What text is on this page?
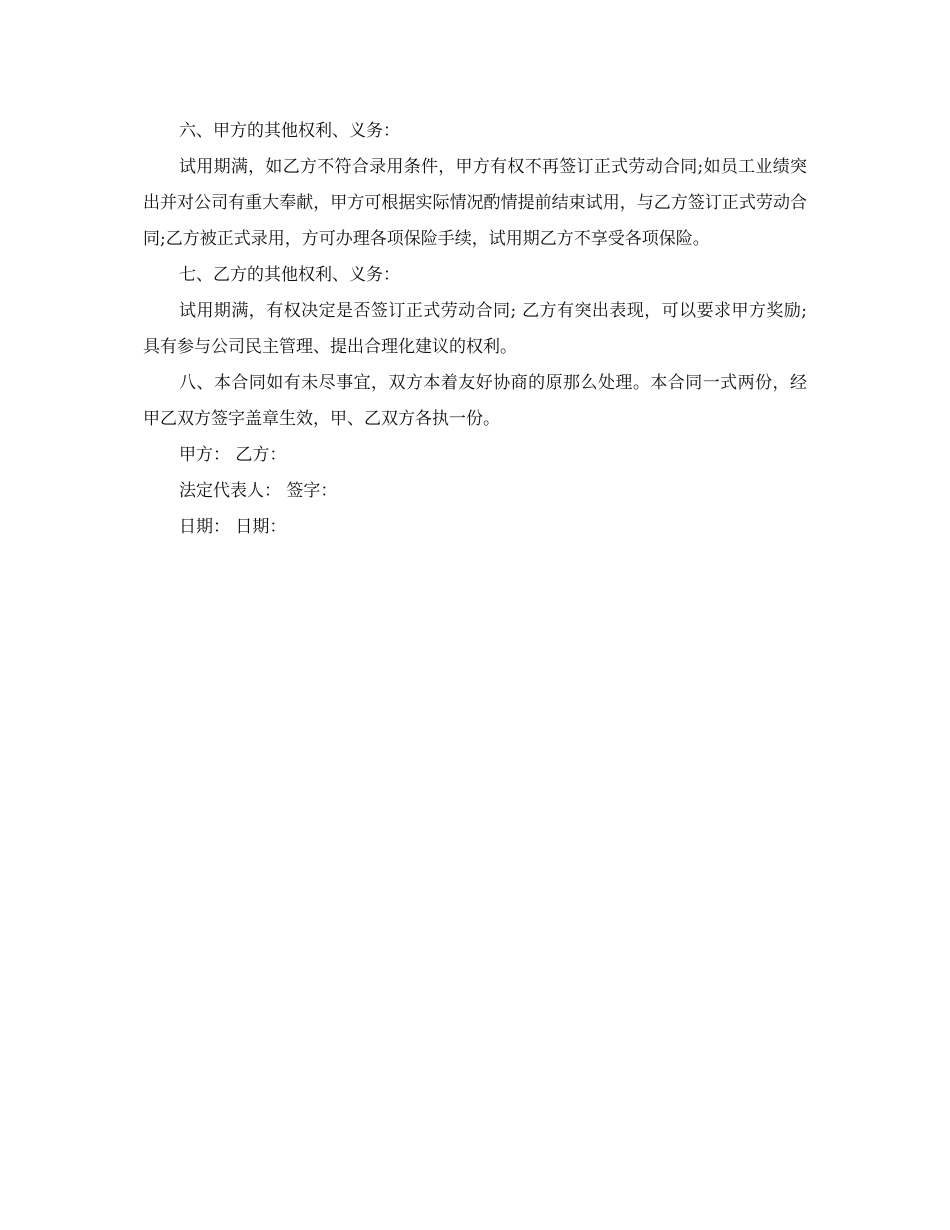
六、甲方的其他权利、义务：

试用期满，如乙方不符合录用条件，甲方有权不再签订正式劳动合同;如员工业绩突出并对公司有重大奉献，甲方可根据实际情况酌情提前结束试用，与乙方签订正式劳动合同;乙方被正式录用，方可办理各项保险手续，试用期乙方不享受各项保险。

七、乙方的其他权利、义务：

试用期满，有权决定是否签订正式劳动合同; 乙方有突出表现，可以要求甲方奖励; 具有参与公司民主管理、提出合理化建议的权利。

八、本合同如有未尽事宜，双方本着友好协商的原那么处理。本合同一式两份，经甲乙双方签字盖章生效，甲、乙双方各执一份。

甲方： 乙方：

法定代表人： 签字：

日期： 日期：
